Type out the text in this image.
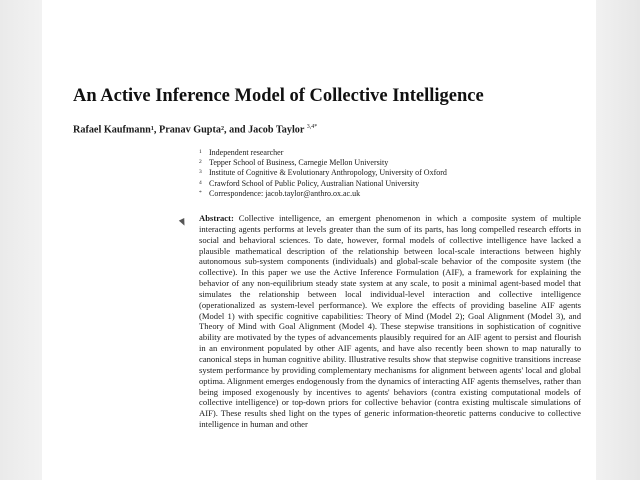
An Active Inference Model of Collective Intelligence
Rafael Kaufmann¹, Pranav Gupta², and Jacob Taylor $^{3,4*}$
1 Independent researcher
2 Tepper School of Business, Carnegie Mellon University
3 Institute of Cognitive & Evolutionary Anthropology, University of Oxford
4 Crawford School of Public Policy, Australian National University
* Correspondence: jacob.taylor@anthro.ox.ac.uk
Abstract: Collective intelligence, an emergent phenomenon in which a composite system of multiple interacting agents performs at levels greater than the sum of its parts, has long compelled research efforts in social and behavioral sciences. To date, however, formal models of collective intelligence have lacked a plausible mathematical description of the relationship between local-scale interactions between highly autonomous sub-system components (individuals) and global-scale behavior of the composite system (the collective). In this paper we use the Active Inference Formulation (AIF), a framework for explaining the behavior of any non-equilibrium steady state system at any scale, to posit a minimal agent-based model that simulates the relationship between local individual-level interaction and collective intelligence (operationalized as system-level performance). We explore the effects of providing baseline AIF agents (Model 1) with specific cognitive capabilities: Theory of Mind (Model 2); Goal Alignment (Model 3), and Theory of Mind with Goal Alignment (Model 4). These stepwise transitions in sophistication of cognitive ability are motivated by the types of advancements plausibly required for an AIF agent to persist and flourish in an environment populated by other AIF agents, and have also recently been shown to map naturally to canonical steps in human cognitive ability. Illustrative results show that stepwise cognitive transitions increase system performance by providing complementary mechanisms for alignment between agents' local and global optima. Alignment emerges endogenously from the dynamics of interacting AIF agents themselves, rather than being imposed exogenously by incentives to agents' behaviors (contra existing computational models of collective intelligence) or top-down priors for collective behavior (contra existing multiscale simulations of AIF). These results shed light on the types of generic information-theoretic patterns conducive to collective intelligence in human and other
